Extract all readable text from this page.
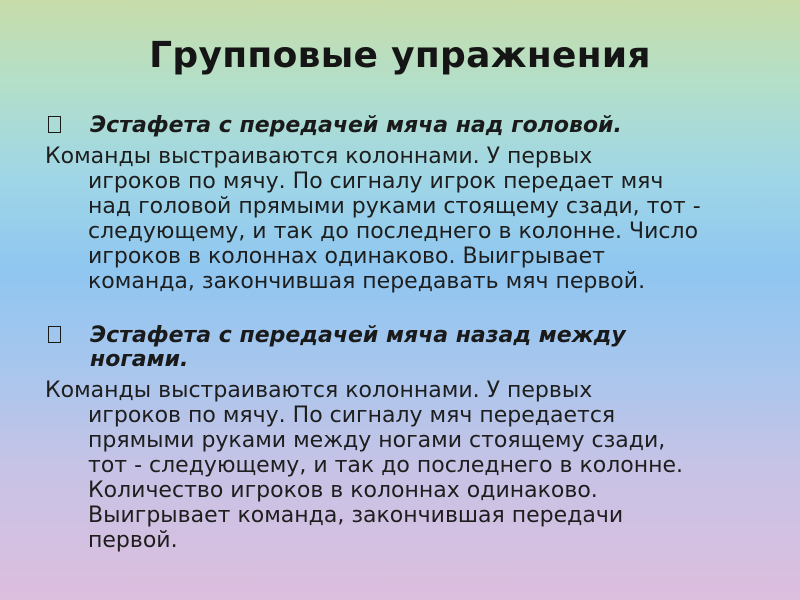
Групповые упражнения
Эстафета с передачей мяча над головой.
Команды выстраиваются колоннами. У первых
игроков по мячу. По сигналу игрок передает мяч
над головой прямыми руками стоящему сзади, тот -
следующему, и так до последнего в колонне. Число
игроков в колоннах одинаково. Выигрывает
команда, закончившая передавать мяч первой.
Эстафета с передачей мяча назад между
ногами.
Команды выстраиваются колоннами. У первых
игроков по мячу. По сигналу мяч передается
прямыми руками между ногами стоящему сзади,
тот - следующему, и так до последнего в колонне.
Количество игроков в колоннах одинаково.
Выигрывает команда, закончившая передачи
первой.
